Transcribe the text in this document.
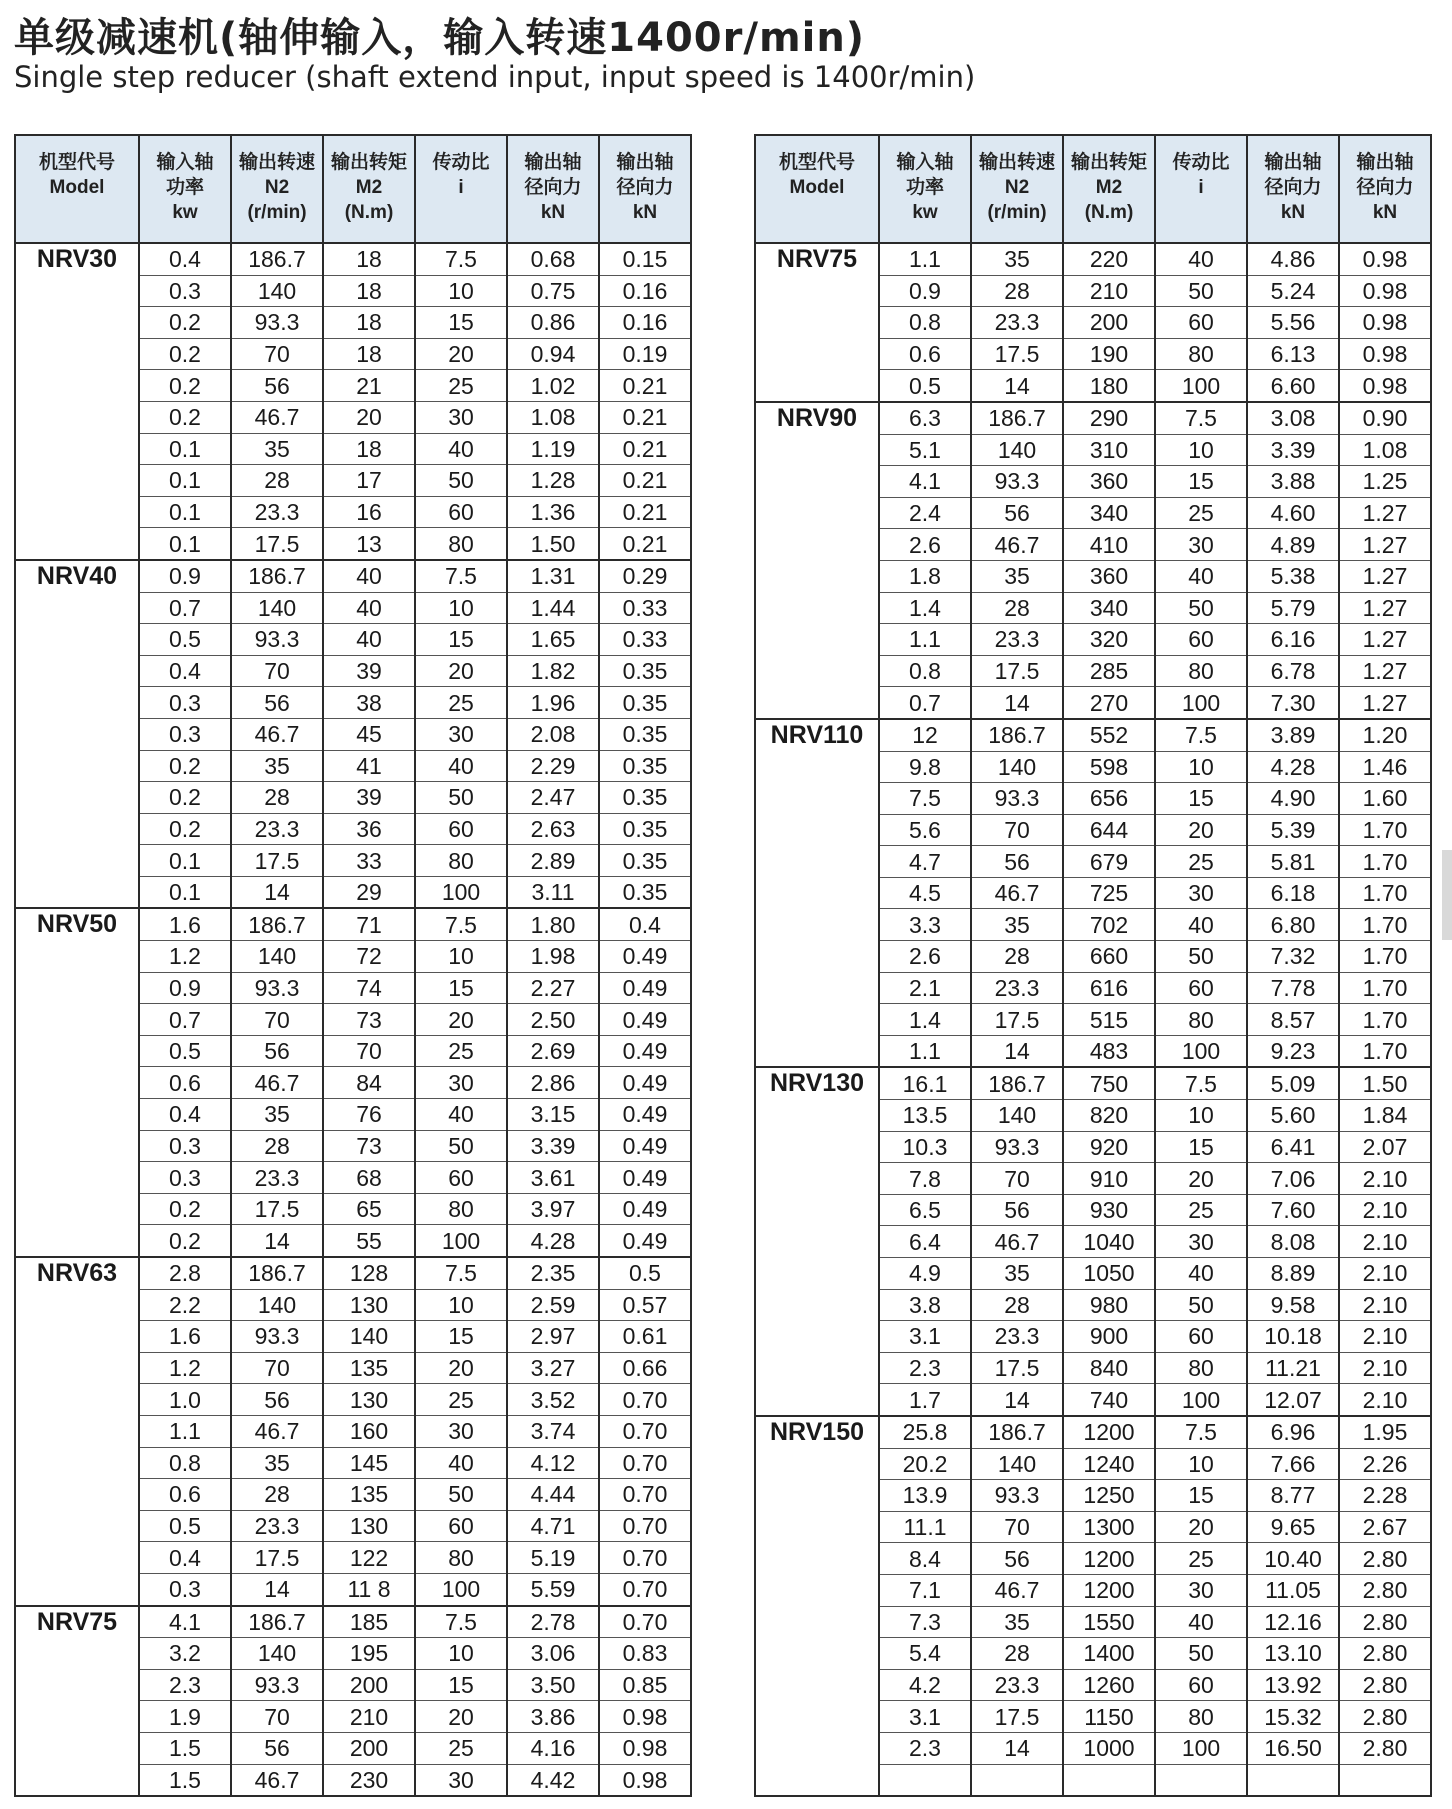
单级减速机(轴伸输入，输入转速1400r/min)
Single step reducer (shaft extend input, input speed is 1400r/min)
机型代号
Model	输入轴
功率
kw	输出转速
N2
(r/min)	输出转矩
M2
(N.m)	传动比
i	输出轴
径向力
kN	输出轴
径向力
kN

NRV30	0.4	186.7	18	7.5	0.68	0.15
	0.3	140	18	10	0.75	0.16
	0.2	93.3	18	15	0.86	0.16
	0.2	70	18	20	0.94	0.19
	0.2	56	21	25	1.02	0.21
	0.2	46.7	20	30	1.08	0.21
	0.1	35	18	40	1.19	0.21
	0.1	28	17	50	1.28	0.21
	0.1	23.3	16	60	1.36	0.21
	0.1	17.5	13	80	1.50	0.21
NRV40	0.9	186.7	40	7.5	1.31	0.29
	0.7	140	40	10	1.44	0.33
	0.5	93.3	40	15	1.65	0.33
	0.4	70	39	20	1.82	0.35
	0.3	56	38	25	1.96	0.35
	0.3	46.7	45	30	2.08	0.35
	0.2	35	41	40	2.29	0.35
	0.2	28	39	50	2.47	0.35
	0.2	23.3	36	60	2.63	0.35
	0.1	17.5	33	80	2.89	0.35
	0.1	14	29	100	3.11	0.35
NRV50	1.6	186.7	71	7.5	1.80	0.4
	1.2	140	72	10	1.98	0.49
	0.9	93.3	74	15	2.27	0.49
	0.7	70	73	20	2.50	0.49
	0.5	56	70	25	2.69	0.49
	0.6	46.7	84	30	2.86	0.49
	0.4	35	76	40	3.15	0.49
	0.3	28	73	50	3.39	0.49
	0.3	23.3	68	60	3.61	0.49
	0.2	17.5	65	80	3.97	0.49
	0.2	14	55	100	4.28	0.49
NRV63	2.8	186.7	128	7.5	2.35	0.5
	2.2	140	130	10	2.59	0.57
	1.6	93.3	140	15	2.97	0.61
	1.2	70	135	20	3.27	0.66
	1.0	56	130	25	3.52	0.70
	1.1	46.7	160	30	3.74	0.70
	0.8	35	145	40	4.12	0.70
	0.6	28	135	50	4.44	0.70
	0.5	23.3	130	60	4.71	0.70
	0.4	17.5	122	80	5.19	0.70
	0.3	14	11 8	100	5.59	0.70
NRV75	4.1	186.7	185	7.5	2.78	0.70
	3.2	140	195	10	3.06	0.83
	2.3	93.3	200	15	3.50	0.85
	1.9	70	210	20	3.86	0.98
	1.5	56	200	25	4.16	0.98
	1.5	46.7	230	30	4.42	0.98
机型代号
Model	输入轴
功率
kw	输出转速
N2
(r/min)	输出转矩
M2
(N.m)	传动比
i	输出轴
径向力
kN	输出轴
径向力
kN

NRV75	1.1	35	220	40	4.86	0.98
	0.9	28	210	50	5.24	0.98
	0.8	23.3	200	60	5.56	0.98
	0.6	17.5	190	80	6.13	0.98
	0.5	14	180	100	6.60	0.98
NRV90	6.3	186.7	290	7.5	3.08	0.90
	5.1	140	310	10	3.39	1.08
	4.1	93.3	360	15	3.88	1.25
	2.4	56	340	25	4.60	1.27
	2.6	46.7	410	30	4.89	1.27
	1.8	35	360	40	5.38	1.27
	1.4	28	340	50	5.79	1.27
	1.1	23.3	320	60	6.16	1.27
	0.8	17.5	285	80	6.78	1.27
	0.7	14	270	100	7.30	1.27
NRV110	12	186.7	552	7.5	3.89	1.20
	9.8	140	598	10	4.28	1.46
	7.5	93.3	656	15	4.90	1.60
	5.6	70	644	20	5.39	1.70
	4.7	56	679	25	5.81	1.70
	4.5	46.7	725	30	6.18	1.70
	3.3	35	702	40	6.80	1.70
	2.6	28	660	50	7.32	1.70
	2.1	23.3	616	60	7.78	1.70
	1.4	17.5	515	80	8.57	1.70
	1.1	14	483	100	9.23	1.70
NRV130	16.1	186.7	750	7.5	5.09	1.50
	13.5	140	820	10	5.60	1.84
	10.3	93.3	920	15	6.41	2.07
	7.8	70	910	20	7.06	2.10
	6.5	56	930	25	7.60	2.10
	6.4	46.7	1040	30	8.08	2.10
	4.9	35	1050	40	8.89	2.10
	3.8	28	980	50	9.58	2.10
	3.1	23.3	900	60	10.18	2.10
	2.3	17.5	840	80	11.21	2.10
	1.7	14	740	100	12.07	2.10
NRV150	25.8	186.7	1200	7.5	6.96	1.95
	20.2	140	1240	10	7.66	2.26
	13.9	93.3	1250	15	8.77	2.28
	11.1	70	1300	20	9.65	2.67
	8.4	56	1200	25	10.40	2.80
	7.1	46.7	1200	30	11.05	2.80
	7.3	35	1550	40	12.16	2.80
	5.4	28	1400	50	13.10	2.80
	4.2	23.3	1260	60	13.92	2.80
	3.1	17.5	1150	80	15.32	2.80
	2.3	14	1000	100	16.50	2.80
